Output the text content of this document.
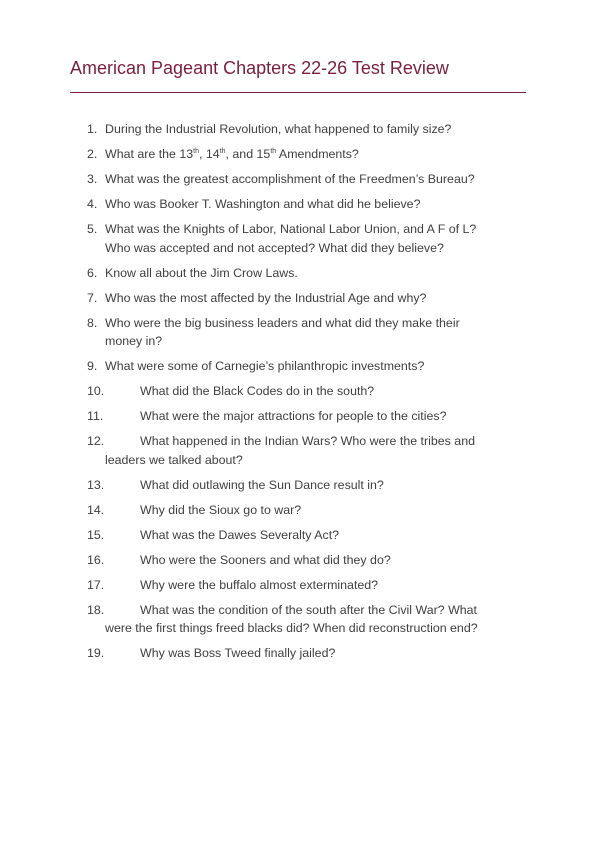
American Pageant Chapters 22-26 Test Review
1. During the Industrial Revolution, what happened to family size?
2. What are the 13th, 14th, and 15th Amendments?
3. What was the greatest accomplishment of the Freedmen’s Bureau?
4. Who was Booker T. Washington and what did he believe?
5. What was the Knights of Labor, National Labor Union, and A F of L?
Who was accepted and not accepted? What did they believe?
6. Know all about the Jim Crow Laws.
7. Who was the most affected by the Industrial Age and why?
8. Who were the big business leaders and what did they make their
money in?
9. What were some of Carnegie’s philanthropic investments?
10.	What did the Black Codes do in the south?
11.	What were the major attractions for people to the cities?
12.	What happened in the Indian Wars? Who were the tribes and
leaders we talked about?
13.	What did outlawing the Sun Dance result in?
14.	Why did the Sioux go to war?
15.	What was the Dawes Severalty Act?
16.	Who were the Sooners and what did they do?
17.	Why were the buffalo almost exterminated?
18.	What was the condition of the south after the Civil War? What
were the first things freed blacks did? When did reconstruction end?
19.	Why was Boss Tweed finally jailed?
